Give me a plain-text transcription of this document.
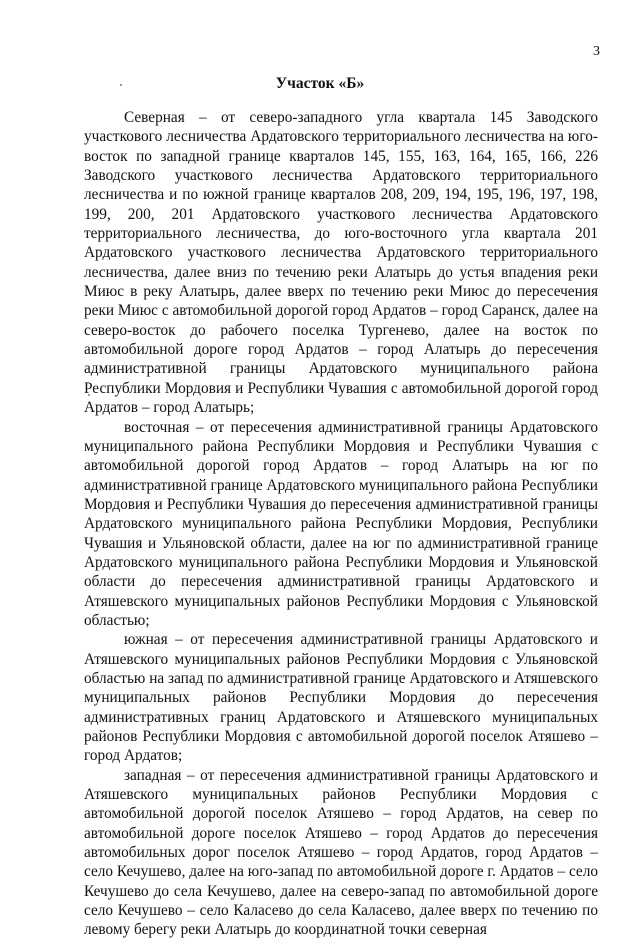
3
Участок «Б»

Северная – от северо-западного угла квартала 145 Заводского участкового лесничества Ардатовского территориального лесничества на юго-восток по западной границе кварталов 145, 155, 163, 164, 165, 166, 226 Заводского участкового лесничества Ардатовского территориального лесничества и по южной границе кварталов 208, 209, 194, 195, 196, 197, 198, 199, 200, 201 Ардатовского участкового лесничества Ардатовского территориального лесничества, до юго-восточного угла квартала 201 Ардатовского участкового лесничества Ардатовского территориального лесничества, далее вниз по течению реки Алатырь до устья впадения реки Миюс в реку Алатырь, далее вверх по течению реки Миюс до пересечения реки Миюс с автомобильной дорогой город Ардатов – город Саранск, далее на северо-восток до рабочего поселка Тургенево, далее на восток по автомобильной дороге город Ардатов – город Алатырь до пересечения административной границы Ардатовского муниципального района Республики Мордовия и Республики Чувашия с автомобильной дорогой город Ардатов – город Алатырь;

восточная – от пересечения административной границы Ардатовского муниципального района Республики Мордовия и Республики Чувашия с автомобильной дорогой город Ардатов – город Алатырь на юг по административной границе Ардатовского муниципального района Республики Мордовия и Республики Чувашия до пересечения административной границы Ардатовского муниципального района Республики Мордовия, Республики Чувашия и Ульяновской области, далее на юг по административной границе Ардатовского муниципального района Республики Мордовия и Ульяновской области до пересечения административной границы Ардатовского и Атяшевского муниципальных районов Республики Мордовия с Ульяновской областью;

южная – от пересечения административной границы Ардатовского и Атяшевского муниципальных районов Республики Мордовия с Ульяновской областью на запад по административной границе Ардатовского и Атяшевского муниципальных районов Республики Мордовия до пересечения административных границ Ардатовского и Атяшевского муниципальных районов Республики Мордовия с автомобильной дорогой поселок Атяшево – город Ардатов;

западная – от пересечения административной границы Ардатовского и Атяшевского муниципальных районов Республики Мордовия с автомобильной дорогой поселок Атяшево – город Ардатов, на север по автомобильной дороге поселок Атяшево – город Ардатов до пересечения автомобильных дорог поселок Атяшево – город Ардатов, город Ардатов – село Кечушево, далее на юго-запад по автомобильной дороге г. Ардатов – село Кечушево до села Кечушево, далее на северо-запад по автомобильной дороге село Кечушево – село Каласево до села Каласево, далее вверх по течению по левому берегу реки Алатырь до координатной точки северная
